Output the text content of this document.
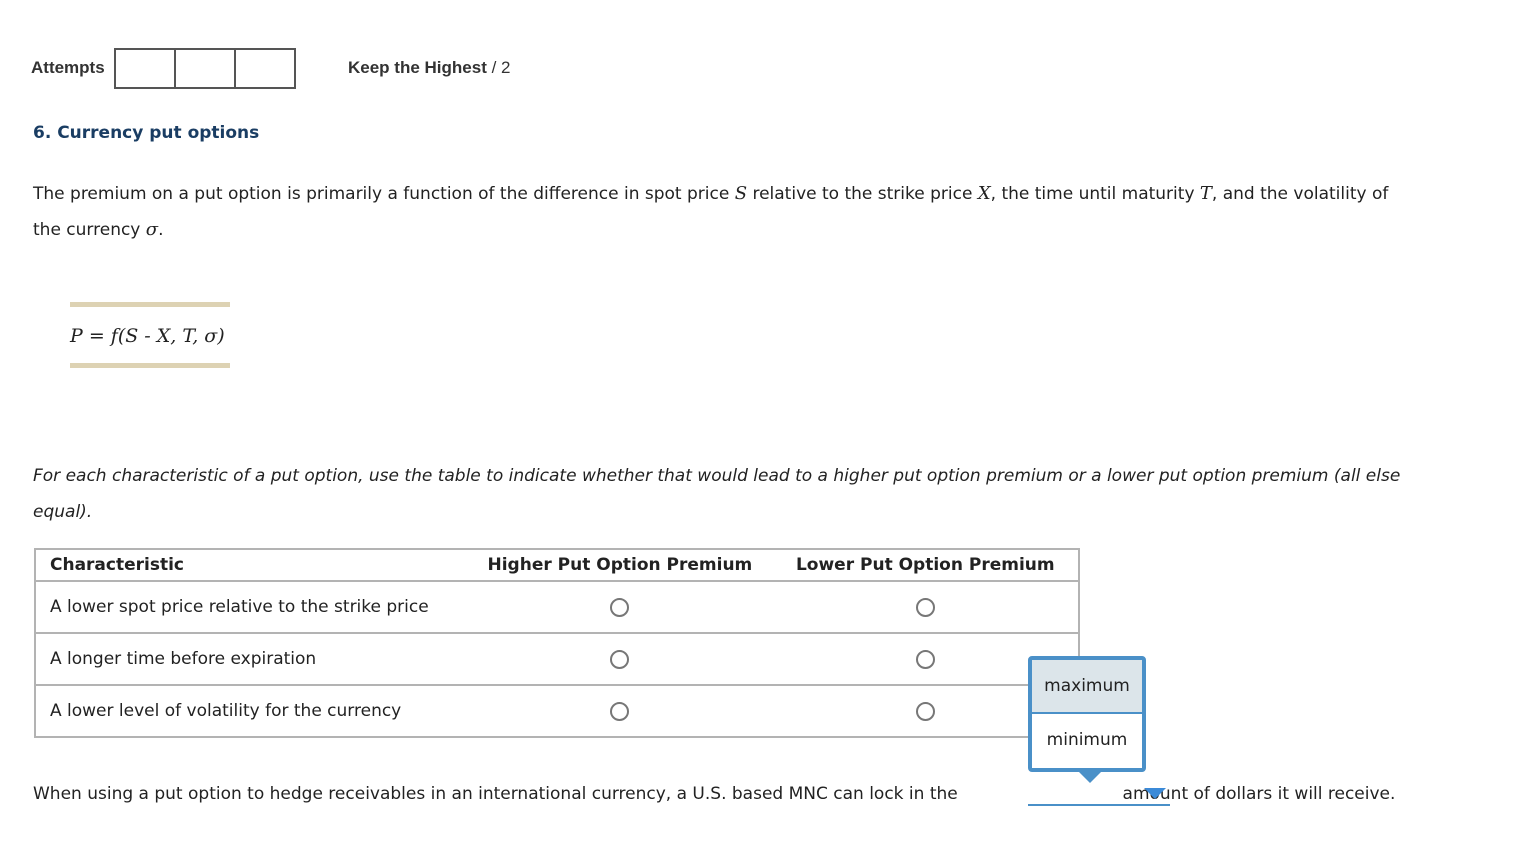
Attempts	Keep the Highest / 2
6. Currency put options
The premium on a put option is primarily a function of the difference in spot price S relative to the strike price X, the time until maturity T, and the volatility of the currency σ.
P = f(S - X, T, σ)
For each characteristic of a put option, use the table to indicate whether that would lead to a higher put option premium or a lower put option premium (all else equal).
Characteristic	Higher Put Option Premium	Lower Put Option Premium
A lower spot price relative to the strike price
A longer time before expiration
A lower level of volatility for the currency
When using a put option to hedge receivables in an international currency, a U.S. based MNC can lock in the	amount of dollars it will receive.
maximum
minimum
